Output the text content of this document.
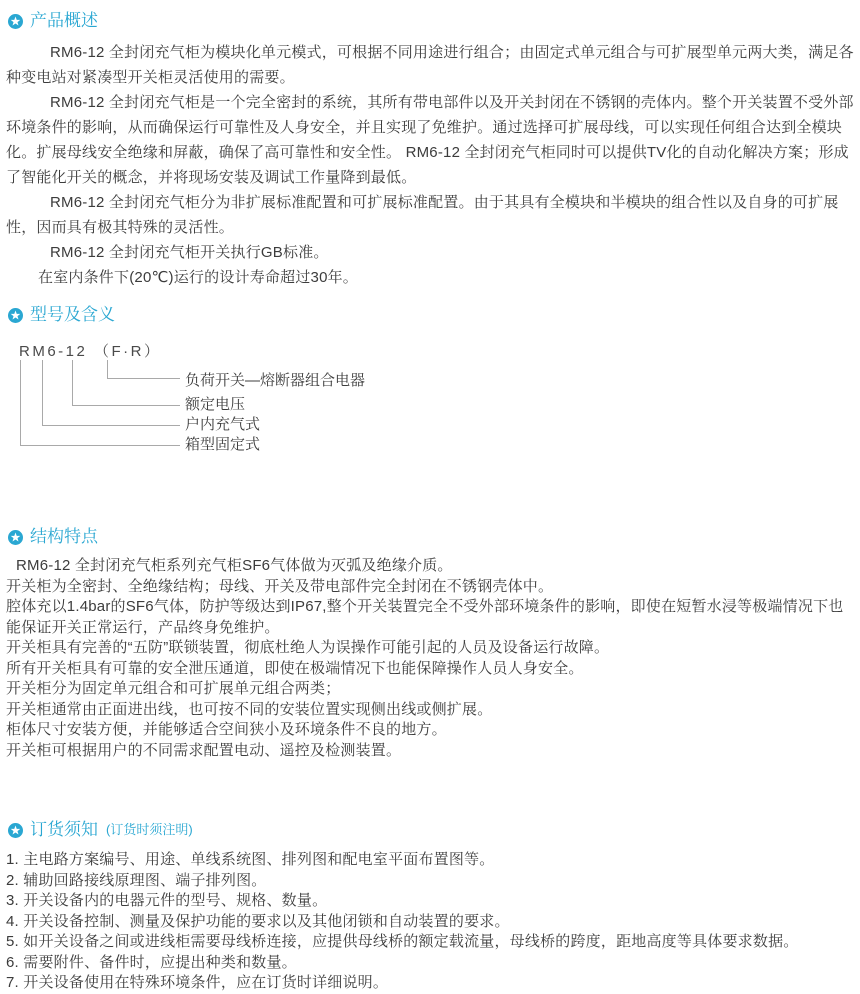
产品概述

RM6-12 全封闭充气柜为模块化单元模式，可根据不同用途进行组合；由固定式单元组合与可扩展型单元两大类，满足各种变电站对紧凑型开关柜灵活使用的需要。

RM6-12 全封闭充气柜是一个完全密封的系统，其所有带电部件以及开关封闭在不锈钢的壳体内。整个开关装置不受外部环境条件的影响，从而确保运行可靠性及人身安全，并且实现了免维护。通过选择可扩展母线，可以实现任何组合达到全模块化。扩展母线安全绝缘和屏蔽，确保了高可靠性和安全性。 RM6-12 全封闭充气柜同时可以提供TV化的自动化解决方案；形成了智能化开关的概念，并将现场安装及调试工作量降到最低。

RM6-12 全封闭充气柜分为非扩展标准配置和可扩展标准配置。由于其具有全模块和半模块的组合性以及自身的可扩展性，因而具有极其特殊的灵活性。

RM6-12 全封闭充气柜开关执行GB标准。

在室内条件下(20℃)运行的设计寿命超过30年。

型号及含义
RM6-12 （F·R）
负荷开关—熔断器组合电器
额定电压
户内充气式
箱型固定式
结构特点
RM6-12 全封闭充气柜系列充气柜SF6气体做为灭弧及绝缘介质。
开关柜为全密封、全绝缘结构；母线、开关及带电部件完全封闭在不锈钢壳体中。
腔体充以1.4bar的SF6气体，防护等级达到IP67,整个开关装置完全不受外部环境条件的影响，即使在短暂水浸等极端情况下也能保证开关正常运行，产品终身免维护。
开关柜具有完善的“五防”联锁装置，彻底杜绝人为误操作可能引起的人员及设备运行故障。
所有开关柜具有可靠的安全泄压通道，即使在极端情况下也能保障操作人员人身安全。
开关柜分为固定单元组合和可扩展单元组合两类；
开关柜通常由正面进出线，也可按不同的安装位置实现侧出线或侧扩展。
柜体尺寸安装方便，并能够适合空间狭小及环境条件不良的地方。
开关柜可根据用户的不同需求配置电动、遥控及检测装置。
订货须知 (订货时须注明)
1. 主电路方案编号、用途、单线系统图、排列图和配电室平面布置图等。
2. 辅助回路接线原理图、端子排列图。
3. 开关设备内的电器元件的型号、规格、数量。
4. 开关设备控制、测量及保护功能的要求以及其他闭锁和自动装置的要求。
5. 如开关设备之间或进线柜需要母线桥连接，应提供母线桥的额定载流量，母线桥的跨度，距地高度等具体要求数据。
6. 需要附件、备件时，应提出种类和数量。
7. 开关设备使用在特殊环境条件，应在订货时详细说明。
